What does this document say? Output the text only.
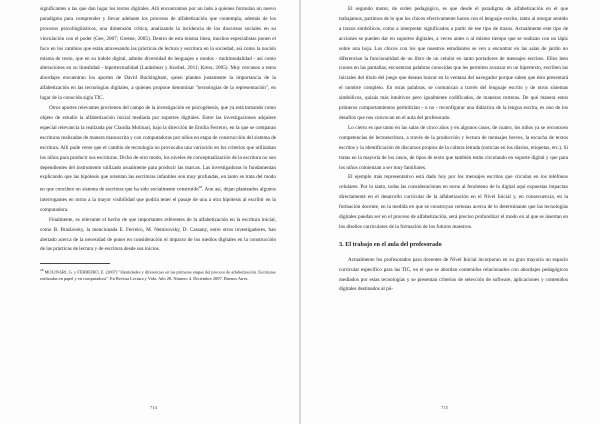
significantes a las que dan lugar los textos digitales. Allí encontramos por un lado a quienes formulan un nuevo paradigma para comprender y llevar adelante los procesos de alfabetización que contempla, además de los procesos psicolingüísticos, una dimensión crítica, analizando la incidencia de los discursos sociales en su vinculación con el poder (Gee, 2007; Greene, 2005). Dentro de esta misma línea, muchos especialistas ponen el foco en los cambios que están atravesando las prácticas de lectura y escritura en la sociedad, así como la noción misma de texto, que en su índole digital, admite diversidad de lenguajes o modos - multimodalidad - así como alteraciones en su linealidad - hipertextualidad (Lankshear y Knobel, 2011; Kress, 2005). Muy cercanos a estos abordajes encuentran los aportes de David Buckingham, quien plantea justamente la importancia de la alfabetización en las tecnologías digitales, a quienes propone denominar "tecnologías de la representación", en lugar de la conocida sigla TIC.

Otros aportes relevantes provienen del campo de la investigación en psicogénesis, que ya está tomando como objeto de estudio la alfabetización inicial mediada por soportes digitales. Entre las investigaciones adquiere especial relevancia la realizada por Claudia Molinari, bajo la dirección de Emilia Ferreiro, en la que se comparan escrituras realizadas de manera manuscrita y con computadoras por niños en etapa de construcción del sistema de escritura. Allí pude verse que el cambio de tecnología no provocaba una variación en los criterios que utilizaban los niños para producir sus escrituras. Dicho de otro modo, los niveles de conceptualización de la escritura no son dependientes del instrumento utilizado usualmente para producir las marcas. Las investigadoras lo fundamentan explicando que las hipótesis que orientan las escrituras infantiles son muy profundas, en tanto se trata del modo en que conciben un sistema de escritura que ha sido socialmente construido$^{28}$. Aun así, dejan planteados algunos interrogantes en torno a la mayor visibilidad que podría tener el pasaje de una a otra hipótesis al escribir en la computadora.

Finalmente, es relevante el hecho de que importantes referentes de la alfabetización en la escritura inicial, como B. Braslavsky, la mencionada E. Ferreiro, M. Nemirovsky, D. Cassany, entre otros investigadores, han alertado acerca de la necesidad de poner en consideración el impacto de los medios digitales en la construcción de las prácticas de lectura y de escritura desde sus inicios.

$^{28}$ MOLINARI, G. y FERREIRO, E. (2007) "Identidades y diferencias en las primeras etapas del proceso de alfabetización. Escrituras realizadas en papel y en computadora". En Revista Lectura y Vida. Año 28, Número 4. Diciembre 2007. Buenos Aires.
714

El segundo motor, de orden pedagógico, es que desde el paradigma de alfabetización en el que trabajamos, partimos de lo que los chicos efectivamente hacen con el lenguaje escrito, tanto al otorgar sentido a trazos simbólicos, como a interpretar significados a partir de ese tipo de trazos. Actualmente este tipo de acciones se pueden dar en soportes digitales, a veces antes o al mismo tiempo que se realizan con un lápiz sobre una hoja. Los chicos con los que nuestros estudiantes se ven a encontrar en las salas de jardín no diferencian la funcionalidad de un libro de un celular en tanto portadores de mensajes escritos. Ellos leen íconos en las pantallas, encuentran palabras conocidas que les permiten avanzar en un hipertexto, escriben las iniciales del título del juego que desean buscar en la ventana del navegador porque saben que ésto presentará el nombre completo. En otras palabras, se comunican a través del lenguaje escrito y de otros sistemas simbólicos, quizás más intuitivos pero igualmente codificados, de maneras certeras. De qué manera estos primeros comportamientos permitirían - o no - reconfigurar una didáctica de la lengua escrita, es uno de los desafíos que nos convocan en el aula del profesorado.

Lo cierto es que tanto en las salas de cinco años y en algunos casos, de cuatro, los niños ya se reconocen competencias de lectoescritura, a través de la producción y lectura de mensajes breves, la escucha de textos escritos y la identificación de discursos propios de la cultura letrada (noticias en los diarios, etiquetas, etc.). Si tratas en la mayoría de los casos, de tipos de texto que también están circulando en soporte digital y que para los niños comienzan a ser muy familiares.

El ejemplo más representativo está dado hoy por los mensajes escritos que circulan en los teléfonos celulares. Por lo tanto, todas las consideraciones en torno al fenómeno de lo digital aquí expuestas impactan directamente en el desarrollo curricular de la alfabetización en el Nivel Inicial y, en consecuencia, en la formación docente, en la medida en que se construyan certezas acerca de lo determinante que las tecnologías digitales puedan ser en el proceso de alfabetización, será preciso profundizar el modo en al que se insertan en los diseños curriculares de la formación de los futuros maestros.

3. El trabajo en el aula del profesorado

Actualmente los profesorados para docentes de Nivel Inicial incorporan en su gran mayoría un espacio curricular específico para las TIC, en el que se abordan contenidos relacionados con abordajes pedagógicos mediados por estas tecnologías y se presentan criterios de selección de software, aplicaciones y contenidos digitales destinados al pú-

715
